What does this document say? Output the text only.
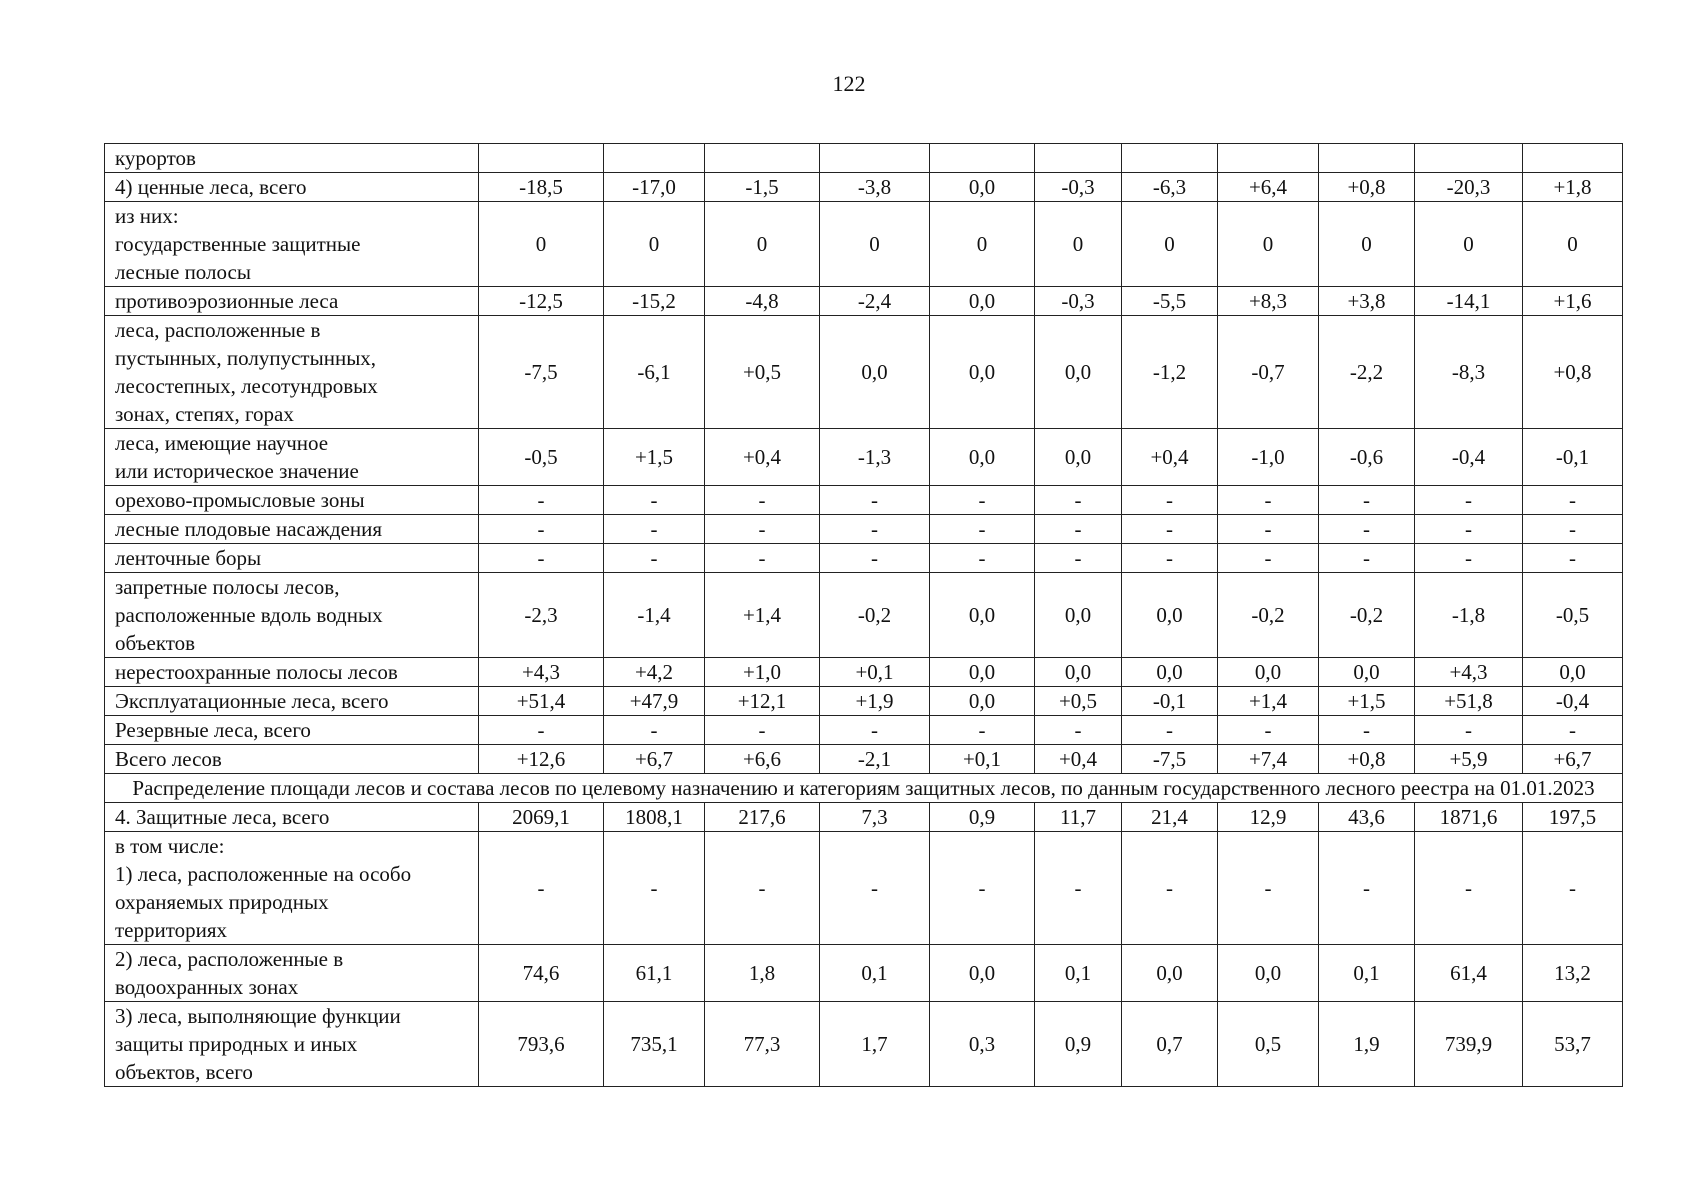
122
курортов											
4) ценные леса, всего	-18,5	-17,0	-1,5	-3,8	0,0	-0,3	-6,3	+6,4	+0,8	-20,3	+1,8
из них:
государственные защитные
лесные полосы	0	0	0	0	0	0	0	0	0	0	0
противоэрозионные леса	-12,5	-15,2	-4,8	-2,4	0,0	-0,3	-5,5	+8,3	+3,8	-14,1	+1,6
леса, расположенные в
пустынных, полупустынных,
лесостепных, лесотундровых
зонах, степях, горах	-7,5	-6,1	+0,5	0,0	0,0	0,0	-1,2	-0,7	-2,2	-8,3	+0,8
леса, имеющие научное
или историческое значение	-0,5	+1,5	+0,4	-1,3	0,0	0,0	+0,4	-1,0	-0,6	-0,4	-0,1
орехово-промысловые зоны	-	-	-	-	-	-	-	-	-	-	-
лесные плодовые насаждения	-	-	-	-	-	-	-	-	-	-	-
ленточные боры	-	-	-	-	-	-	-	-	-	-	-
запретные полосы лесов,
расположенные вдоль водных
объектов	-2,3	-1,4	+1,4	-0,2	0,0	0,0	0,0	-0,2	-0,2	-1,8	-0,5
нерестоохранные полосы лесов	+4,3	+4,2	+1,0	+0,1	0,0	0,0	0,0	0,0	0,0	+4,3	0,0
Эксплуатационные леса, всего	+51,4	+47,9	+12,1	+1,9	0,0	+0,5	-0,1	+1,4	+1,5	+51,8	-0,4
Резервные леса, всего	-	-	-	-	-	-	-	-	-	-	-
Всего лесов	+12,6	+6,7	+6,6	-2,1	+0,1	+0,4	-7,5	+7,4	+0,8	+5,9	+6,7
Распределение площади лесов и состава лесов по целевому назначению и категориям защитных лесов, по данным государственного лесного реестра на 01.01.2023											
4. Защитные леса, всего	2069,1	1808,1	217,6	7,3	0,9	11,7	21,4	12,9	43,6	1871,6	197,5
в том числе:
1) леса, расположенные на особо
охраняемых природных
территориях	-	-	-	-	-	-	-	-	-	-	-
2) леса, расположенные в
водоохранных зонах	74,6	61,1	1,8	0,1	0,0	0,1	0,0	0,0	0,1	61,4	13,2
3) леса, выполняющие функции
защиты природных и иных
объектов, всего	793,6	735,1	77,3	1,7	0,3	0,9	0,7	0,5	1,9	739,9	53,7
